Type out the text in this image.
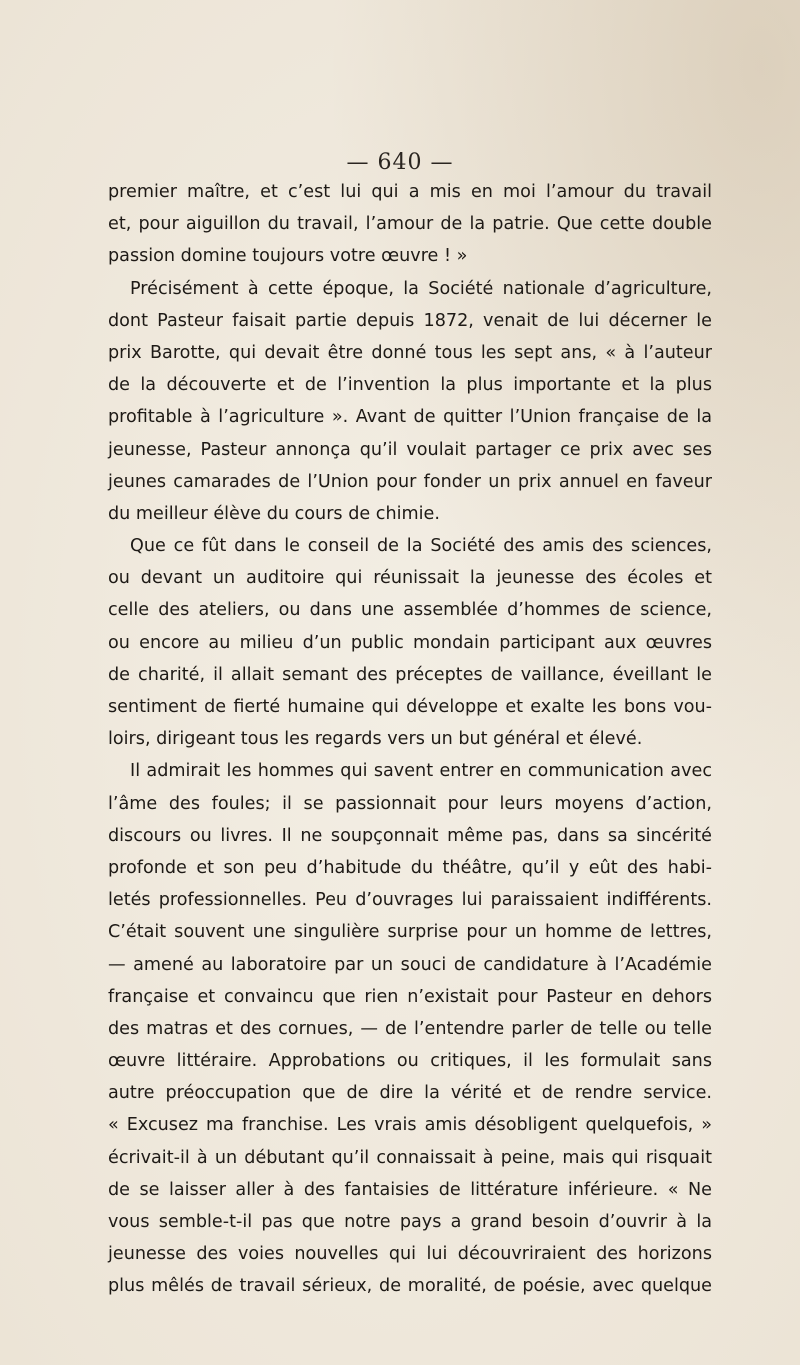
— 640 —
premier maître, et c’est lui qui a mis en moi l’amour du travail
et, pour aiguillon du travail, l’amour de la patrie. Que cette double
passion domine toujours votre œuvre ! »
Précisément à cette époque, la Société nationale d’agriculture,
dont Pasteur faisait partie depuis 1872, venait de lui décerner le
prix Barotte, qui devait être donné tous les sept ans, « à l’auteur
de la découverte et de l’invention la plus importante et la plus
profitable à l’agriculture ». Avant de quitter l’Union française de la
jeunesse, Pasteur annonça qu’il voulait partager ce prix avec ses
jeunes camarades de l’Union pour fonder un prix annuel en faveur
du meilleur élève du cours de chimie.
Que ce fût dans le conseil de la Société des amis des sciences,
ou devant un auditoire qui réunissait la jeunesse des écoles et
celle des ateliers, ou dans une assemblée d’hommes de science,
ou encore au milieu d’un public mondain participant aux œuvres
de charité, il allait semant des préceptes de vaillance, éveillant le
sentiment de fierté humaine qui développe et exalte les bons vou-
loirs, dirigeant tous les regards vers un but général et élevé.
Il admirait les hommes qui savent entrer en communication avec
l’âme des foules; il se passionnait pour leurs moyens d’action,
discours ou livres. Il ne soupçonnait même pas, dans sa sincérité
profonde et son peu d’habitude du théâtre, qu’il y eût des habi-
letés professionnelles. Peu d’ouvrages lui paraissaient indifférents.
C’était souvent une singulière surprise pour un homme de lettres,
— amené au laboratoire par un souci de candidature à l’Académie
française et convaincu que rien n’existait pour Pasteur en dehors
des matras et des cornues, — de l’entendre parler de telle ou telle
œuvre littéraire. Approbations ou critiques, il les formulait sans
autre préoccupation que de dire la vérité et de rendre service.
« Excusez ma franchise. Les vrais amis désobligent quelquefois, »
écrivait-il à un débutant qu’il connaissait à peine, mais qui risquait
de se laisser aller à des fantaisies de littérature inférieure. « Ne
vous semble-t-il pas que notre pays a grand besoin d’ouvrir à la
jeunesse des voies nouvelles qui lui découvriraient des horizons
plus mêlés de travail sérieux, de moralité, de poésie, avec quelque
